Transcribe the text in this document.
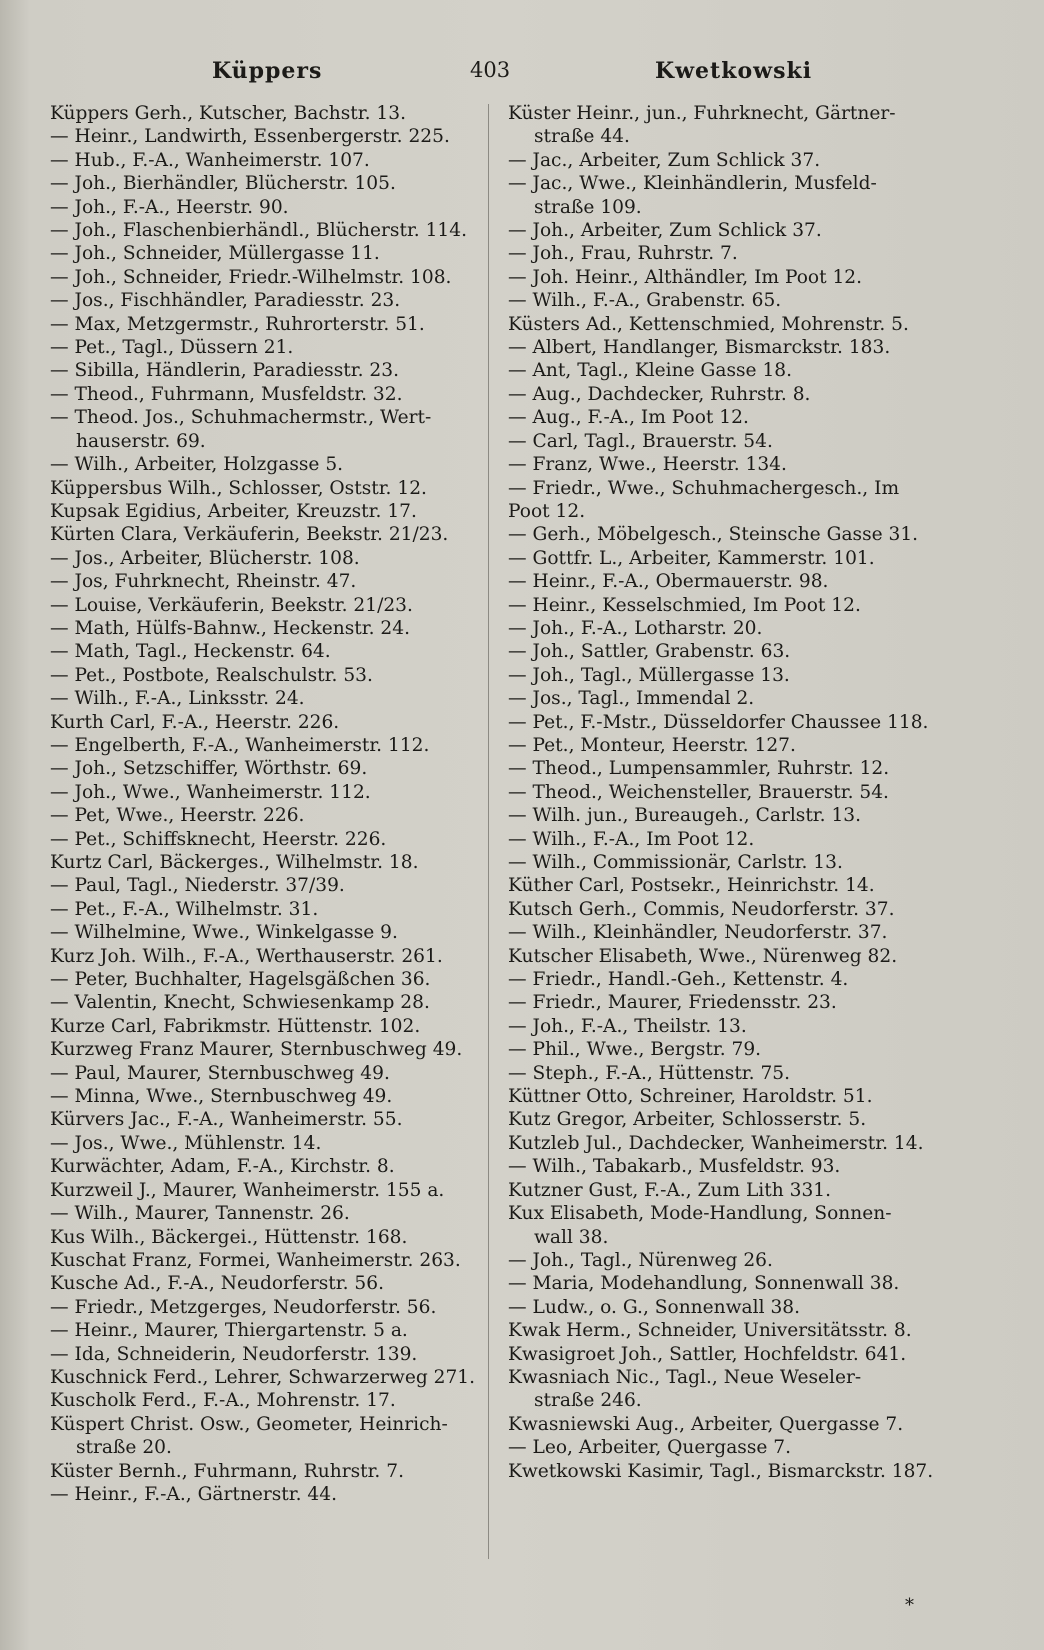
Küppers	403	Kwetkowski
Küppers Gerh., Kutscher, Bachstr. 13.
— Heinr., Landwirth, Essenbergerstr. 225.
— Hub., F.-A., Wanheimerstr. 107.
— Joh., Bierhändler, Blücherstr. 105.
— Joh., F.-A., Heerstr. 90.
— Joh., Flaschenbierhändl., Blücherstr. 114.
— Joh., Schneider, Müllergasse 11.
— Joh., Schneider, Friedr.-Wilhelmstr. 108.
— Jos., Fischhändler, Paradiesstr. 23.
— Max, Metzgermstr., Ruhrorterstr. 51.
— Pet., Tagl., Düssern 21.
— Sibilla, Händlerin, Paradiesstr. 23.
— Theod., Fuhrmann, Musfeldstr. 32.
— Theod. Jos., Schuhmachermstr., Wert-
hauserstr. 69.
— Wilh., Arbeiter, Holzgasse 5.
Küppersbus Wilh., Schlosser, Oststr. 12.
Kupsak Egidius, Arbeiter, Kreuzstr. 17.
Kürten Clara, Verkäuferin, Beekstr. 21/23.
— Jos., Arbeiter, Blücherstr. 108.
— Jos, Fuhrknecht, Rheinstr. 47.
— Louise, Verkäuferin, Beekstr. 21/23.
— Math, Hülfs-Bahnw., Heckenstr. 24.
— Math, Tagl., Heckenstr. 64.
— Pet., Postbote, Realschulstr. 53.
— Wilh., F.-A., Linksstr. 24.
Kurth Carl, F.-A., Heerstr. 226.
— Engelberth, F.-A., Wanheimerstr. 112.
— Joh., Setzschiffer, Wörthstr. 69.
— Joh., Wwe., Wanheimerstr. 112.
— Pet, Wwe., Heerstr. 226.
— Pet., Schiffsknecht, Heerstr. 226.
Kurtz Carl, Bäckerges., Wilhelmstr. 18.
— Paul, Tagl., Niederstr. 37/39.
— Pet., F.-A., Wilhelmstr. 31.
— Wilhelmine, Wwe., Winkelgasse 9.
Kurz Joh. Wilh., F.-A., Werthauserstr. 261.
— Peter, Buchhalter, Hagelsgäßchen 36.
— Valentin, Knecht, Schwiesenkamp 28.
Kurze Carl, Fabrikmstr. Hüttenstr. 102.
Kurzweg Franz Maurer, Sternbuschweg 49.
— Paul, Maurer, Sternbuschweg 49.
— Minna, Wwe., Sternbuschweg 49.
Kürvers Jac., F.-A., Wanheimerstr. 55.
— Jos., Wwe., Mühlenstr. 14.
Kurwächter, Adam, F.-A., Kirchstr. 8.
Kurzweil J., Maurer, Wanheimerstr. 155 a.
— Wilh., Maurer, Tannenstr. 26.
Kus Wilh., Bäckergei., Hüttenstr. 168.
Kuschat Franz, Formei, Wanheimerstr. 263.
Kusche Ad., F.-A., Neudorferstr. 56.
— Friedr., Metzgerges, Neudorferstr. 56.
— Heinr., Maurer, Thiergartenstr. 5 a.
— Ida, Schneiderin, Neudorferstr. 139.
Kuschnick Ferd., Lehrer, Schwarzerweg 271.
Kuscholk Ferd., F.-A., Mohrenstr. 17.
Küspert Christ. Osw., Geometer, Heinrich-
straße 20.
Küster Bernh., Fuhrmann, Ruhrstr. 7.
— Heinr., F.-A., Gärtnerstr. 44.
Küster Heinr., jun., Fuhrknecht, Gärtner-
straße 44.
— Jac., Arbeiter, Zum Schlick 37.
— Jac., Wwe., Kleinhändlerin, Musfeld-
straße 109.
— Joh., Arbeiter, Zum Schlick 37.
— Joh., Frau, Ruhrstr. 7.
— Joh. Heinr., Althändler, Im Poot 12.
— Wilh., F.-A., Grabenstr. 65.
Küsters Ad., Kettenschmied, Mohrenstr. 5.
— Albert, Handlanger, Bismarckstr. 183.
— Ant, Tagl., Kleine Gasse 18.
— Aug., Dachdecker, Ruhrstr. 8.
— Aug., F.-A., Im Poot 12.
— Carl, Tagl., Brauerstr. 54.
— Franz, Wwe., Heerstr. 134.
— Friedr., Wwe., Schuhmachergesch., Im
Poot 12.
— Gerh., Möbelgesch., Steinsche Gasse 31.
— Gottfr. L., Arbeiter, Kammerstr. 101.
— Heinr., F.-A., Obermauerstr. 98.
— Heinr., Kesselschmied, Im Poot 12.
— Joh., F.-A., Lotharstr. 20.
— Joh., Sattler, Grabenstr. 63.
— Joh., Tagl., Müllergasse 13.
— Jos., Tagl., Immendal 2.
— Pet., F.-Mstr., Düsseldorfer Chaussee 118.
— Pet., Monteur, Heerstr. 127.
— Theod., Lumpensammler, Ruhrstr. 12.
— Theod., Weichensteller, Brauerstr. 54.
— Wilh. jun., Bureaugeh., Carlstr. 13.
— Wilh., F.-A., Im Poot 12.
— Wilh., Commissionär, Carlstr. 13.
Küther Carl, Postsekr., Heinrichstr. 14.
Kutsch Gerh., Commis, Neudorferstr. 37.
— Wilh., Kleinhändler, Neudorferstr. 37.
Kutscher Elisabeth, Wwe., Nürenweg 82.
— Friedr., Handl.-Geh., Kettenstr. 4.
— Friedr., Maurer, Friedensstr. 23.
— Joh., F.-A., Theilstr. 13.
— Phil., Wwe., Bergstr. 79.
— Steph., F.-A., Hüttenstr. 75.
Küttner Otto, Schreiner, Haroldstr. 51.
Kutz Gregor, Arbeiter, Schlosserstr. 5.
Kutzleb Jul., Dachdecker, Wanheimerstr. 14.
— Wilh., Tabakarb., Musfeldstr. 93.
Kutzner Gust, F.-A., Zum Lith 331.
Kux Elisabeth, Mode-Handlung, Sonnen-
wall 38.
— Joh., Tagl., Nürenweg 26.
— Maria, Modehandlung, Sonnenwall 38.
— Ludw., o. G., Sonnenwall 38.
Kwak Herm., Schneider, Universitätsstr. 8.
Kwasigroet Joh., Sattler, Hochfeldstr. 641.
Kwasniach Nic., Tagl., Neue Weseler-
straße 246.
Kwasniewski Aug., Arbeiter, Quergasse 7.
— Leo, Arbeiter, Quergasse 7.
Kwetkowski Kasimir, Tagl., Bismarckstr. 187.
*
